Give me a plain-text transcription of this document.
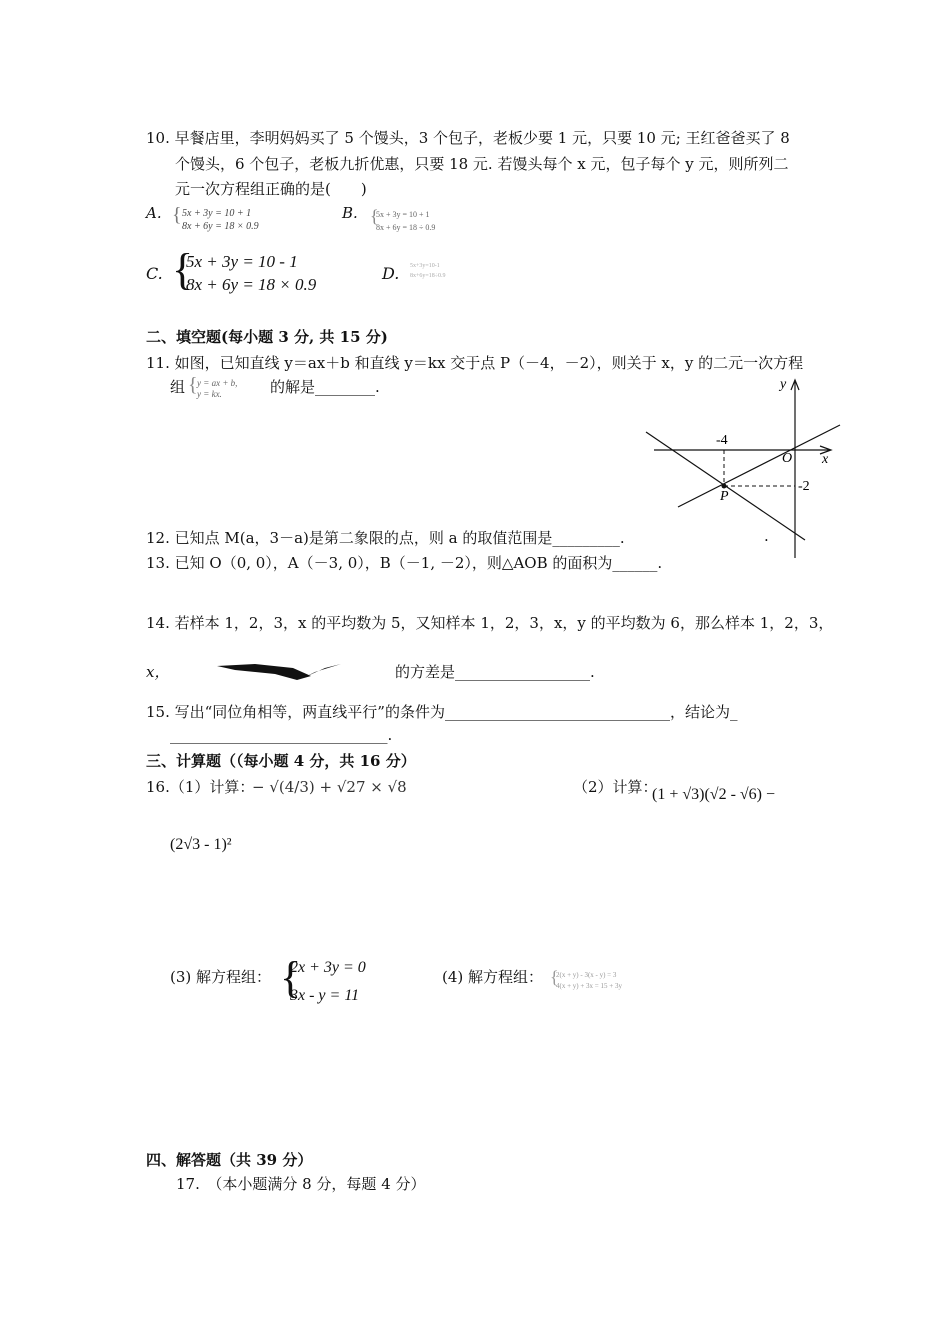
10. 早餐店里，李明妈妈买了 5 个馒头，3 个包子，老板少要 1 元，只要 10 元; 王红爸爸买了 8
个馒头，6 个包子，老板九折优惠，只要 18 元. 若馒头每个 x 元，包子每个 y 元，则所列二
元一次方程组正确的是(　　)
A. { 5x + 3y = 10 + 1
8x + 6y = 18 × 0.9
B. {
5x + 3y = 10 + 1
8x + 6y = 18 ÷ 0.9
C. {
5x + 3y = 10 - 1
8x + 6y = 18 × 0.9
D. 5x+3y=10-1
8x+6y=18÷0.9
二、填空题(每小题 3 分, 共 15 分)
11. 如图，已知直线 y＝ax＋b 和直线 y＝kx 交于点 P（－4，－2），则关于 x，y 的二元一次方程
组 { y = ax + b,
y = kx.	的解是________.	y
x
O
-4
-2
P
12. 已知点 M(a，3－a)是第二象限的点，则 a 的取值范围是_________.	.
13. 已知 O（0, 0），A（－3, 0），B（－1, －2），则△AOB 的面积为______.
14. 若样本 1，2，3，x 的平均数为 5，又知样本 1，2，3，x，y 的平均数为 6，那么样本 1，2，3，
x，	的方差是__________________.
15. 写出“同位角相等，两直线平行”的条件为______________________________，结论为_
_____________________________.
三、计算题（（每小题 4 分，共 16 分）
16.（1）计算：
− √(4/3) + √27 × √8	（2）计算：
(1 + √3)(√2 - √6) −
(2√3 - 1)²
(3) 解方程组： {
2x + 3y = 0
3x - y = 11
(4) 解方程组： {
2(x + y) - 3(x - y) = 3
4(x + y) + 3x = 15 + 3y
四、解答题（共 39 分）
17.　（本小题满分 8 分，每题 4 分）
